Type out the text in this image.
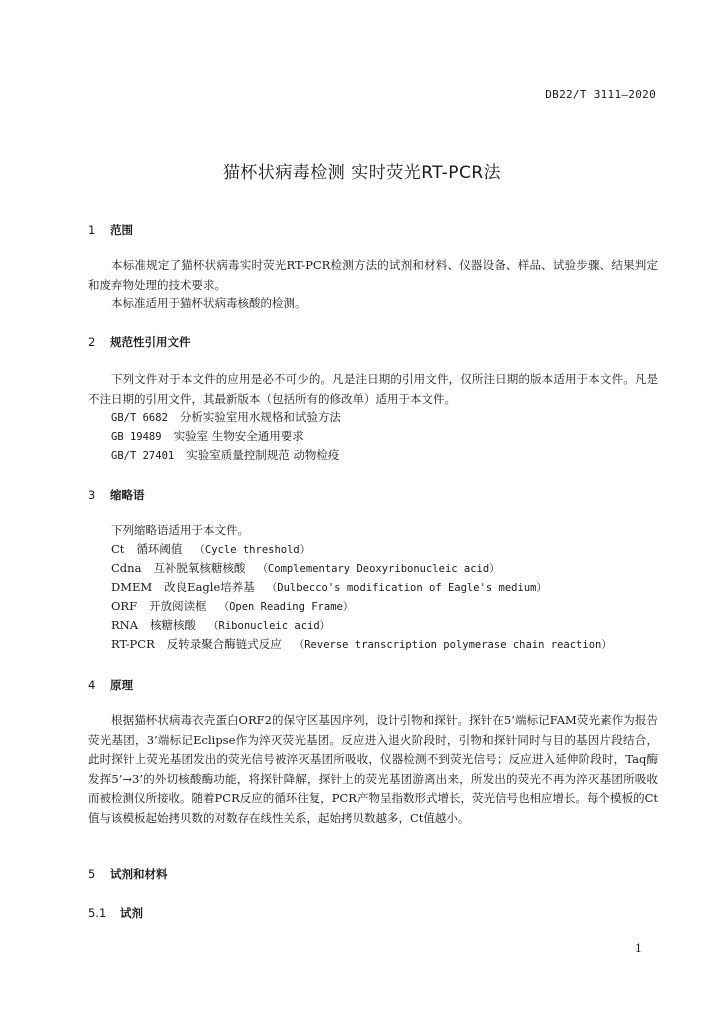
DB22/T 3111—2020
猫杯状病毒检测 实时荧光RT-PCR法
1 范围
本标准规定了猫杯状病毒实时荧光RT-PCR检测方法的试剂和材料、仪器设备、样品、试验步骤、结果判定和废弃物处理的技术要求。
本标准适用于猫杯状病毒核酸的检测。
2 规范性引用文件
下列文件对于本文件的应用是必不可少的。凡是注日期的引用文件，仅所注日期的版本适用于本文件。凡是不注日期的引用文件，其最新版本（包括所有的修改单）适用于本文件。
GB/T 6682 分析实验室用水规格和试验方法
GB 19489 实验室 生物安全通用要求
GB/T 27401 实验室质量控制规范 动物检疫
3 缩略语
下列缩略语适用于本文件。
Ct 循环阈值 （Cycle threshold）
Cdna 互补脱氧核糖核酸 （Complementary Deoxyribonucleic acid）
DMEM 改良Eagle培养基 （Dulbecco's modification of Eagle's medium）
ORF 开放阅读框 （Open Reading Frame）
RNA 核糖核酸 （Ribonucleic acid）
RT-PCR 反转录聚合酶链式反应 （Reverse transcription polymerase chain reaction）
4 原理
根据猫杯状病毒衣壳蛋白ORF2的保守区基因序列，设计引物和探针。探针在5’端标记FAM荧光素作为报告荧光基团，3’端标记Eclipse作为淬灭荧光基团。反应进入退火阶段时，引物和探针同时与目的基因片段结合，此时探针上荧光基团发出的荧光信号被淬灭基团所吸收，仪器检测不到荧光信号；反应进入延伸阶段时，Taq酶发挥5’→3’的外切核酸酶功能，将探针降解，探针上的荧光基团游离出来，所发出的荧光不再为淬灭基团所吸收而被检测仪所接收。随着PCR反应的循环往复，PCR产物呈指数形式增长，荧光信号也相应增长。每个模板的Ct值与该模板起始拷贝数的对数存在线性关系，起始拷贝数越多，Ct值越小。
5 试剂和材料
5.1 试剂
1
